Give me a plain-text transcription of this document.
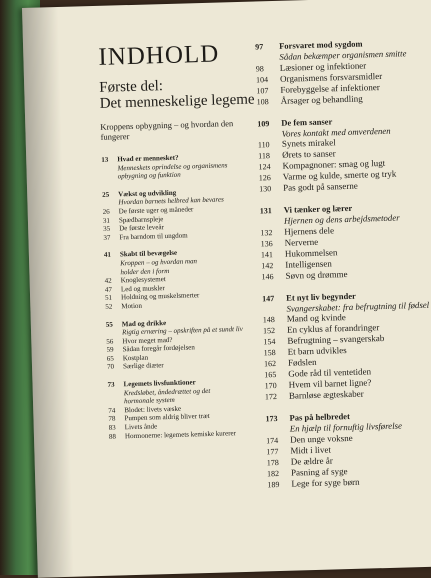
INDHOLD
Første del:
Det menneskelige legeme
Kroppens opbygning – og hvordan den
fungerer
13	Hvad er mennesket?
Menneskets oprindelse og organismens
opbygning og funktion
25	Vækst og udvikling
Hvordan barnets helbred kan bevares
26	De første uger og måneder
31	Spædbarnspleje
35	De første leveår
37	Fra barndom til ungdom
41	Skabt til bevægelse
Kroppen – og hvordan man
holder den i form
42	Knoglesystemet
47	Led og muskler
51	Holdning og muskelsmerter
52	Motion
55	Mad og drikke
Rigtig ernæring – opskriften på et sundt liv
56	Hvor meget mad?
59	Sådan foregår fordøjelsen
65	Kostplan
70	Særlige diæter
73	Legemets livsfunktioner
Kredsløbet, åndedrættet og det
hormonale system
74	Blodet: livets væske
78	Pumpen som aldrig bliver træt
83	Livets ånde
88	Hormonerne: legemets kemiske kurerer
97	Forsvaret mod sygdom
Sådan bekæmper organismen smitte
98	Læsioner og infektioner
104	Organismens forsvarsmidler
107	Forebyggelse af infektioner
108	Årsager og behandling
109	De fem sanser
Vores kontakt med omverdenen
110	Synets mirakel
118	Ørets to sanser
124	Kompagnoner: smag og lugt
126	Varme og kulde, smerte og tryk
130	Pas godt på sanserne
131	Vi tænker og lærer
Hjernen og dens arbejdsmetoder
132	Hjernens dele
136	Nerverne
141	Hukommelsen
142	Intelligensen
146	Søvn og drømme
147	Et nyt liv begynder
Svangerskabet: fra befrugtning til fødsel
148	Mand og kvinde
152	En cyklus af forandringer
154	Befrugtning – svangerskab
158	Et barn udvikles
162	Fødslen
165	Gode råd til ventetiden
170	Hvem vil barnet ligne?
172	Barnløse ægteskaber
173	Pas på helbredet
En hjælp til fornuftig livsførelse
174	Den unge voksne
177	Midt i livet
178	De ældre år
182	Pasning af syge
189	Lege for syge børn
